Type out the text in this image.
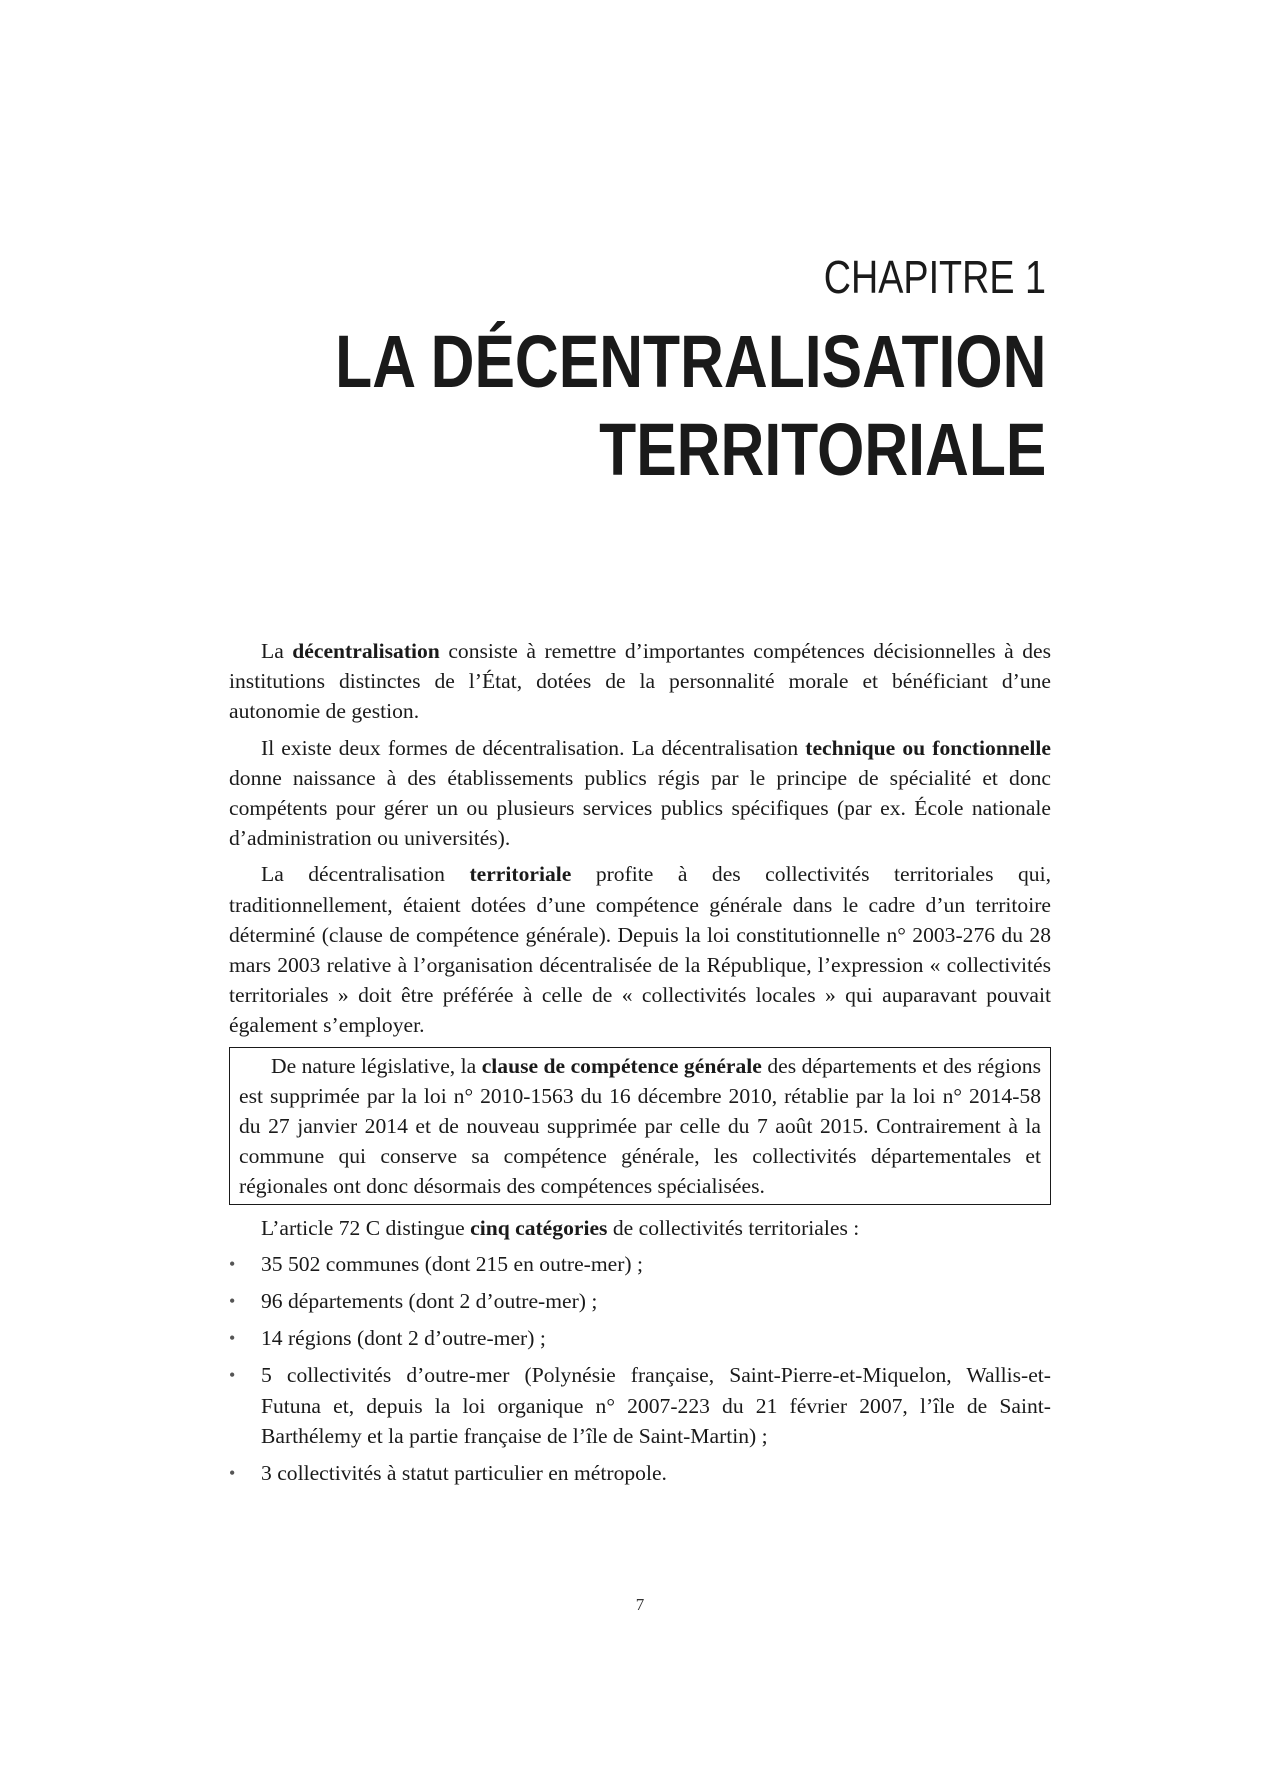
CHAPITRE 1
LA DÉCENTRALISATION
TERRITORIALE

La décentralisation consiste à remettre d’importantes compétences décisionnelles à des institutions distinctes de l’État, dotées de la personnalité morale et bénéficiant d’une autonomie de gestion.

Il existe deux formes de décentralisation. La décentralisation technique ou fonctionnelle donne naissance à des établissements publics régis par le principe de spécialité et donc compétents pour gérer un ou plusieurs services publics spécifiques (par ex. École nationale d’administration ou universités).

La décentralisation territoriale profite à des collectivités territoriales qui, traditionnellement, étaient dotées d’une compétence générale dans le cadre d’un territoire déterminé (clause de compétence générale). Depuis la loi constitutionnelle n° 2003-276 du 28 mars 2003 relative à l’organisation décentralisée de la République, l’expression « collectivités territoriales » doit être préférée à celle de « collectivités locales » qui auparavant pouvait également s’employer.

De nature législative, la clause de compétence générale des départements et des régions est supprimée par la loi n° 2010-1563 du 16 décembre 2010, rétablie par la loi n° 2014-58 du 27 janvier 2014 et de nouveau supprimée par celle du 7 août 2015. Contrairement à la commune qui conserve sa compétence générale, les collectivités départementales et régionales ont donc désormais des compétences spécialisées.

L’article 72 C distingue cinq catégories de collectivités territoriales :

• 35 502 communes (dont 215 en outre-mer) ;
• 96 départements (dont 2 d’outre-mer) ;
• 14 régions (dont 2 d’outre-mer) ;
• 5 collectivités d’outre-mer (Polynésie française, Saint-Pierre-et-Miquelon, Wallis-et-Futuna et, depuis la loi organique n° 2007-223 du 21 février 2007, l’île de Saint-Barthélemy et la partie française de l’île de Saint-Martin) ;
• 3 collectivités à statut particulier en métropole.
7
